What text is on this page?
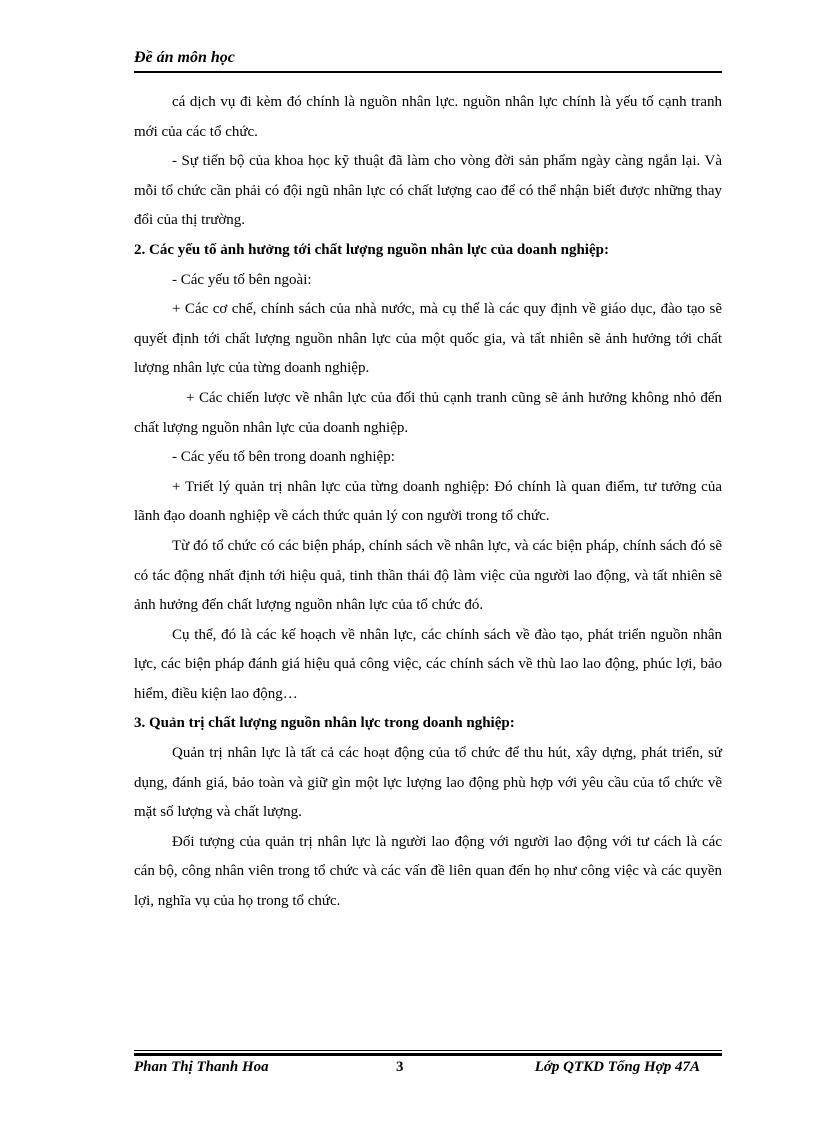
Đề án môn học

cá dịch vụ đi kèm đó chính là nguồn nhân lực. nguồn nhân lực chính là yếu tố cạnh tranh mới của các tổ chức.

- Sự tiến bộ của khoa học kỹ thuật đã làm cho vòng đời sản phẩm ngày càng ngắn lại. Và mỗi tổ chức cần phải có đội ngũ nhân lực có chất lượng cao để có thể nhận biết được những thay đổi của thị trường.

2. Các yếu tố ảnh hưởng tới chất lượng nguồn nhân lực của doanh nghiệp:

- Các yếu tố bên ngoài:

+ Các cơ chế, chính sách của nhà nước, mà cụ thể là các quy định về giáo dục, đào tạo sẽ quyết định tới chất lượng nguồn nhân lực của một quốc gia, và tất nhiên sẽ ảnh hưởng tới chất lượng nhân lực của từng doanh nghiệp.

+ Các chiến lược về nhân lực của đối thủ cạnh tranh cũng sẽ ảnh hưởng không nhỏ đến chất lượng nguồn nhân lực của doanh nghiệp.

- Các yếu tố bên trong doanh nghiệp:

+ Triết lý quản trị nhân lực của từng doanh nghiệp: Đó chính là quan điểm, tư tưởng của lãnh đạo doanh nghiệp về cách thức quản lý con người trong tổ chức.

Từ đó tổ chức có các biện pháp, chính sách về nhân lực, và các biện pháp, chính sách đó sẽ có tác động nhất định tới hiệu quả, tinh thần thái độ làm việc của người lao động, và tất nhiên sẽ ảnh hưởng đến chất lượng nguồn nhân lực của tổ chức đó.

Cụ thể, đó là các kế hoạch về nhân lực, các chính sách về đào tạo, phát triển nguồn nhân lực, các biện pháp đánh giá hiệu quả công việc, các chính sách về thù lao lao động, phúc lợi, bảo hiểm, điều kiện lao động…

3. Quản trị chất lượng nguồn nhân lực trong doanh nghiệp:

Quản trị nhân lực là tất cả các hoạt động của tổ chức để thu hút, xây dựng, phát triển, sử dụng, đánh giá, bảo toàn và giữ gìn một lực lượng lao động phù hợp với yêu cầu của tổ chức về mặt số lượng và chất lượng.

Đối tượng của quản trị nhân lực là người lao động với người lao động với tư cách là các cán bộ, công nhân viên trong tổ chức và các vấn đề liên quan đến họ như công việc và các quyền lợi, nghĩa vụ của họ trong tổ chức.

Phan Thị Thanh Hoa	3	Lớp QTKD Tổng Hợp 47A
